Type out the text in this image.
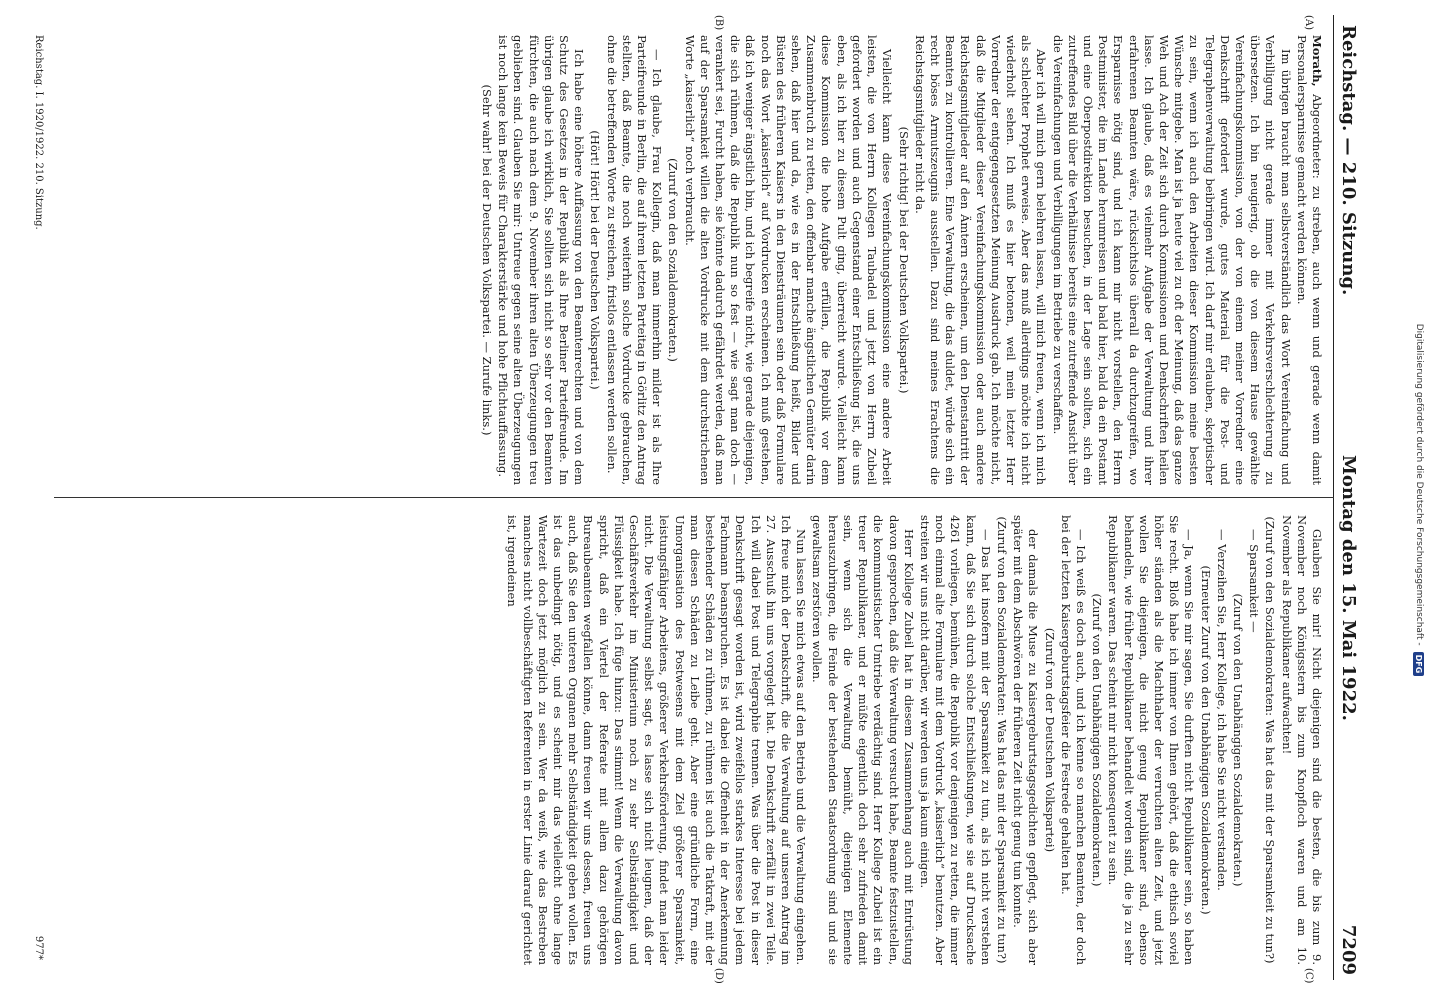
Digitalisierung gefördert durch die Deutsche Forschungsgemeinschaft -
DFG
Reichstag. — 210. Sitzung.
Montag den 15. Mai 1922.
7209
(A)
(B)
(C)
(D)

Morath, Abgeordneter: zu streben, auch wenn und gerade wenn damit Personalersparnisse gemacht werden können.

Im übrigen braucht man selbstverständlich das Wort Vereinfachung und Verbilligung nicht gerade immer mit Verkehrsverschlechterung zu übersetzen. Ich bin neugierig, ob die von diesem Hause gewählte Vereinfachungskommission, von der von einem meiner Vorredner eine Denkschrift gefordert wurde, gutes Material für die Post- und Telegraphenverwaltung beibringen wird. Ich darf mir erlauben, skeptischer zu sein, wenn ich auch den Arbeiten dieser Kommission meine besten Wünsche mitgebe. Man ist ja heute viel zu oft der Meinung, daß das ganze Weh und Ach der Zeit sich durch Kommissionen und Denkschriften heilen lasse. Ich glaube, daß es vielmehr Aufgabe der Verwaltung und ihrer erfahrenen Beamten wäre, rücksichtslos überall da durchzugreifen, wo Ersparnisse nötig sind, und ich kann mir nicht vorstellen, den Herrn Postminister, die im Lande herumreisen und bald hier, bald da ein Postamt und eine Oberpostdirektion besuchen, in der Lage sein sollten, sich ein zutreffendes Bild über die Verhältnisse bereits eine zutreffende Ansicht über die Vereinfachungen und Verbilligungen im Betriebe zu verschaffen.

Aber ich will mich gern belehren lassen, will mich freuen, wenn ich mich als schlechter Prophet erweise. Aber das muß allerdings möchte ich nicht wiederholt sehen. Ich muß es hier betonen, weil mein letzter Herr Vorredner der entgegengesetzten Meinung Ausdruck gab. Ich möchte nicht, daß die Mitglieder dieser Vereinfachungskommission oder auch andere Reichstagsmitglieder auf den Ämtern erscheinen, um den Dienstantritt der Beamten zu kontrollieren. Eine Verwaltung, die das duldet, würde sich ein recht böses Armutszeugnis ausstellen. Dazu sind meines Erachtens die Reichstagsmitglieder nicht da.

(Sehr richtig! bei der Deutschen Volkspartei.)

Vielleicht kann diese Vereinfachungskommission eine andere Arbeit leisten, die von Herrn Kollegen Taubadel und jetzt von Herrn Zubeil gefordert worden und auch Gegenstand einer Entschließung ist, die uns eben, als ich hier zu diesem Pult ging, überreicht wurde. Vielleicht kann diese Kommission die hohe Aufgabe erfüllen, die Republik vor dem Zusammenbruch zu retten, den offenbar manche ängstlichen Gemüter darin sehen, daß hier und da, wie es in der Entschließung heißt, Bilder und Büsten des früheren Kaisers in den Diensträumen sein oder daß Formulare noch das Wort „kaiserlich“ auf Vordrucken erscheinen. Ich muß gestehen, daß ich weniger ängstlich bin, und ich begreife nicht, wie gerade diejenigen, die sich rühmen, daß die Republik nun so fest — wie sagt man doch — verankert sei, Furcht haben, sie könnte dadurch gefährdet werden, daß man auf der Sparsamkeit willen die alten Vordrucke mit dem durchstrichenen Worte „kaiserlich“ noch verbraucht.

(Zuruf von den Sozialdemokraten.)

— Ich glaube, Frau Kollegin, daß man immerhin milder ist als Ihre Parteifreunde in Berlin, die auf ihrem letzten Parteitag in Görlitz den Antrag stellten, daß Beamte, die noch weiterhin solche Vordrucke gebrauchen, ohne die betreffenden Worte zu streichen, fristlos entlassen werden sollen.

(Hört! Hört! bei der Deutschen Volkspartei.)

Ich habe eine höhere Auffassung von den Beamtenrechten und von dem Schutz des Gesetzes in der Republik als Ihre Berliner Parteifreunde. Im übrigen glaube ich wirklich, Sie sollten sich nicht so sehr vor den Beamten fürchten, die auch nach dem 9. November ihren alten Überzeugungen treu geblieben sind. Glauben Sie mir: Untreue gegen seine alten Überzeugungen ist noch lange kein Beweis für Charakterstärke und hohe Pflichtauffassung.

(Sehr wahr! bei der Deutschen Volkspartei. — Zurufe links.)

Glauben Sie mir! Nicht diejenigen sind die besten, die bis zum 9. November noch Königsstern bis zum Knopfloch waren und am 10. November als Republikaner aufwachten!

(Zuruf von den Sozialdemokraten: Was hat das mit der Sparsamkeit zu tun?)

— Sparsamkeit —

(Zuruf von den Unabhängigen Sozialdemokraten.)

— Verzeihen Sie, Herr Kollege, ich habe Sie nicht verstanden.

(Erneuter Zuruf von den Unabhängigen Sozialdemokraten.)

— Ja, wenn Sie mir sagen, Sie durften nicht Republikaner sein, so haben Sie recht. Bloß habe ich immer von Ihnen gehört, daß die ethisch soviel höher ständen als die Machthaber der verruchten alten Zeit, und jetzt wollen Sie diejenigen, die nicht genug Republikaner sind, ebenso behandeln, wie früher Republikaner behandelt worden sind, die ja zu sehr Republikaner waren. Das scheint mir nicht konsequent zu sein.

(Zuruf von den Unabhängigen Sozialdemokraten.)

— Ich weiß es doch auch, und ich kenne so manchen Beamten, der doch bei der letzten Kaisergeburtstagsfeier die Festrede gehalten hat.

(Zuruf von der Deutschen Volkspartei)

der damals die Muse zu Kaisergeburtstagsgedichten gepflegt, sich aber später mit dem Abschwören der früheren Zeit nicht genug tun konnte.

(Zuruf von den Sozialdemokraten: Was hat das mit der Sparsamkeit zu tun?)

— Das hat insofern mit der Sparsamkeit zu tun, als ich nicht verstehen kann, daß Sie sich durch solche Entschließungen, wie sie auf Drucksache 4261 vorliegen, bemühen, die Republik vor denjenigen zu retten, die immer noch einmal alte Formulare mit dem Vordruck „kaiserlich“ benutzen. Aber streiten wir uns nicht darüber, wir werden uns ja kaum einigen.

Herr Kollege Zubeil hat in diesem Zusammenhang auch mit Entrüstung davon gesprochen, daß die Verwaltung versucht habe, Beamte festzustellen, die kommunistischer Umtriebe verdächtig sind. Herr Kollege Zubeil ist ein treuer Republikaner, und er müßte eigentlich doch sehr zufrieden damit sein, wenn sich die Verwaltung bemüht, diejenigen Elemente herauszubringen, die Feinde der bestehenden Staatsordnung sind und sie gewaltsam zerstören wollen.

Nun lassen Sie mich etwas auf den Betrieb und die Verwaltung eingehen. Ich freue mich der Denkschrift, die die Verwaltung auf unseren Antrag im 27. Ausschuß hin uns vorgelegt hat. Die Denkschrift zerfällt in zwei Teile. Ich will dabei Post und Telegraphie trennen. Was über die Post in dieser Denkschrift gesagt worden ist, wird zweifellos starkes Interesse bei jedem Fachmann beanspruchen. Es ist dabei die Offenheit in der Anerkennung bestehender Schäden zu rühmen, zu rühmen ist auch die Tatkraft, mit der man diesen Schäden zu Leibe geht. Aber eine gründliche Form, eine Umorganisation des Postwesens mit dem Ziel größerer Sparsamkeit, leistungsfähiger Arbeitens, größerer Verkehrsförderung, findet man leider nicht. Die Verwaltung selbst sagt, es lasse sich nicht leugnen, daß der Geschäftsverkehr im Ministerium noch zu sehr Selbständigkeit und Flüssigkeit habe. Ich füge hinzu: Das stimmt! Wenn die Verwaltung davon spricht, daß ein Viertel der Referate mit allem dazu gehörigen Bureaubeamten wegfallen könne, dann freuen wir uns dessen, freuen uns auch, daß Sie den unteren Organen mehr Selbständigkeit geben wollen. Es ist das unbedingt nötig, und es scheint mir das vielleicht ohne lange Wartezeit doch jetzt möglich zu sein. Wer da weiß, wie das Bestreben manches nicht vollbeschäftigten Referenten in erster Linie darauf gerichtet ist, irgendeinen

Reichstag. I. 1920/1922. 210. Sitzung.
977*
